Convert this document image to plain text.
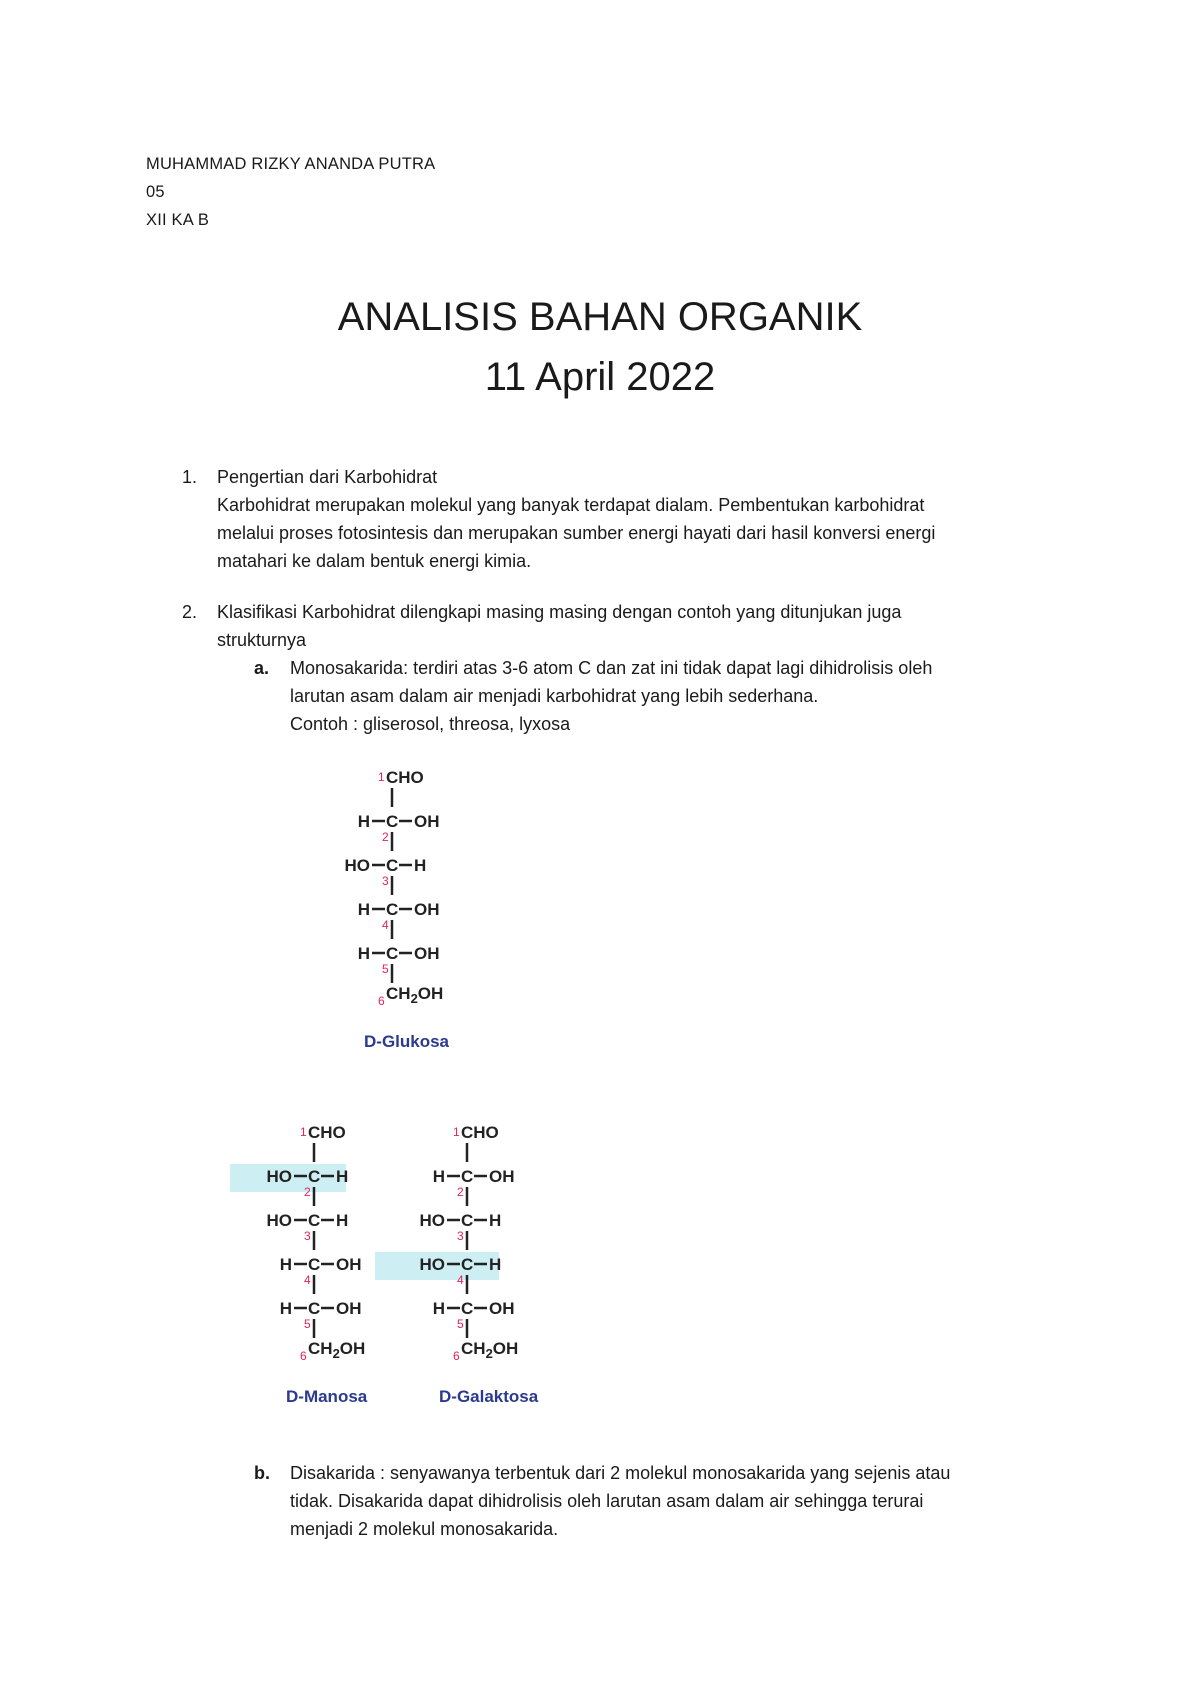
MUHAMMAD RIZKY ANANDA PUTRA
05
XII KA B
ANALISIS BAHAN ORGANIK
11 April 2022
1. Pengertian dari Karbohidrat
Karbohidrat merupakan molekul yang banyak terdapat dialam. Pembentukan karbohidrat
melalui proses fotosintesis dan merupakan sumber energi hayati dari hasil konversi energi
matahari ke dalam bentuk energi kimia.
2. Klasifikasi Karbohidrat dilengkapi masing masing dengan contoh yang ditunjukan juga
strukturnya
a. Monosakarida: terdiri atas 3-6 atom C dan zat ini tidak dapat lagi dihidrolisis oleh
larutan asam dalam air menjadi karbohidrat yang lebih sederhana.
Contoh : gliserosol, threosa, lyxosa
b. Disakarida : senyawanya terbentuk dari 2 molekul monosakarida yang sejenis atau
tidak. Disakarida dapat dihidrolisis oleh larutan asam dalam air sehingga terurai
menjadi 2 molekul monosakarida.
1 CHO
H C OH
2
HO C H
3
H C OH
4
H C OH
5
6 $CH_2OH$
D-Glukosa
1 CHO
HO C H
2
HO C H
3
H C OH
4
H C OH
5
6 $CH_2OH$
D-Manosa
1 CHO
H C OH
2
HO C H
3
HO C H
4
H C OH
5
6 $CH_2OH$
D-Galaktosa
